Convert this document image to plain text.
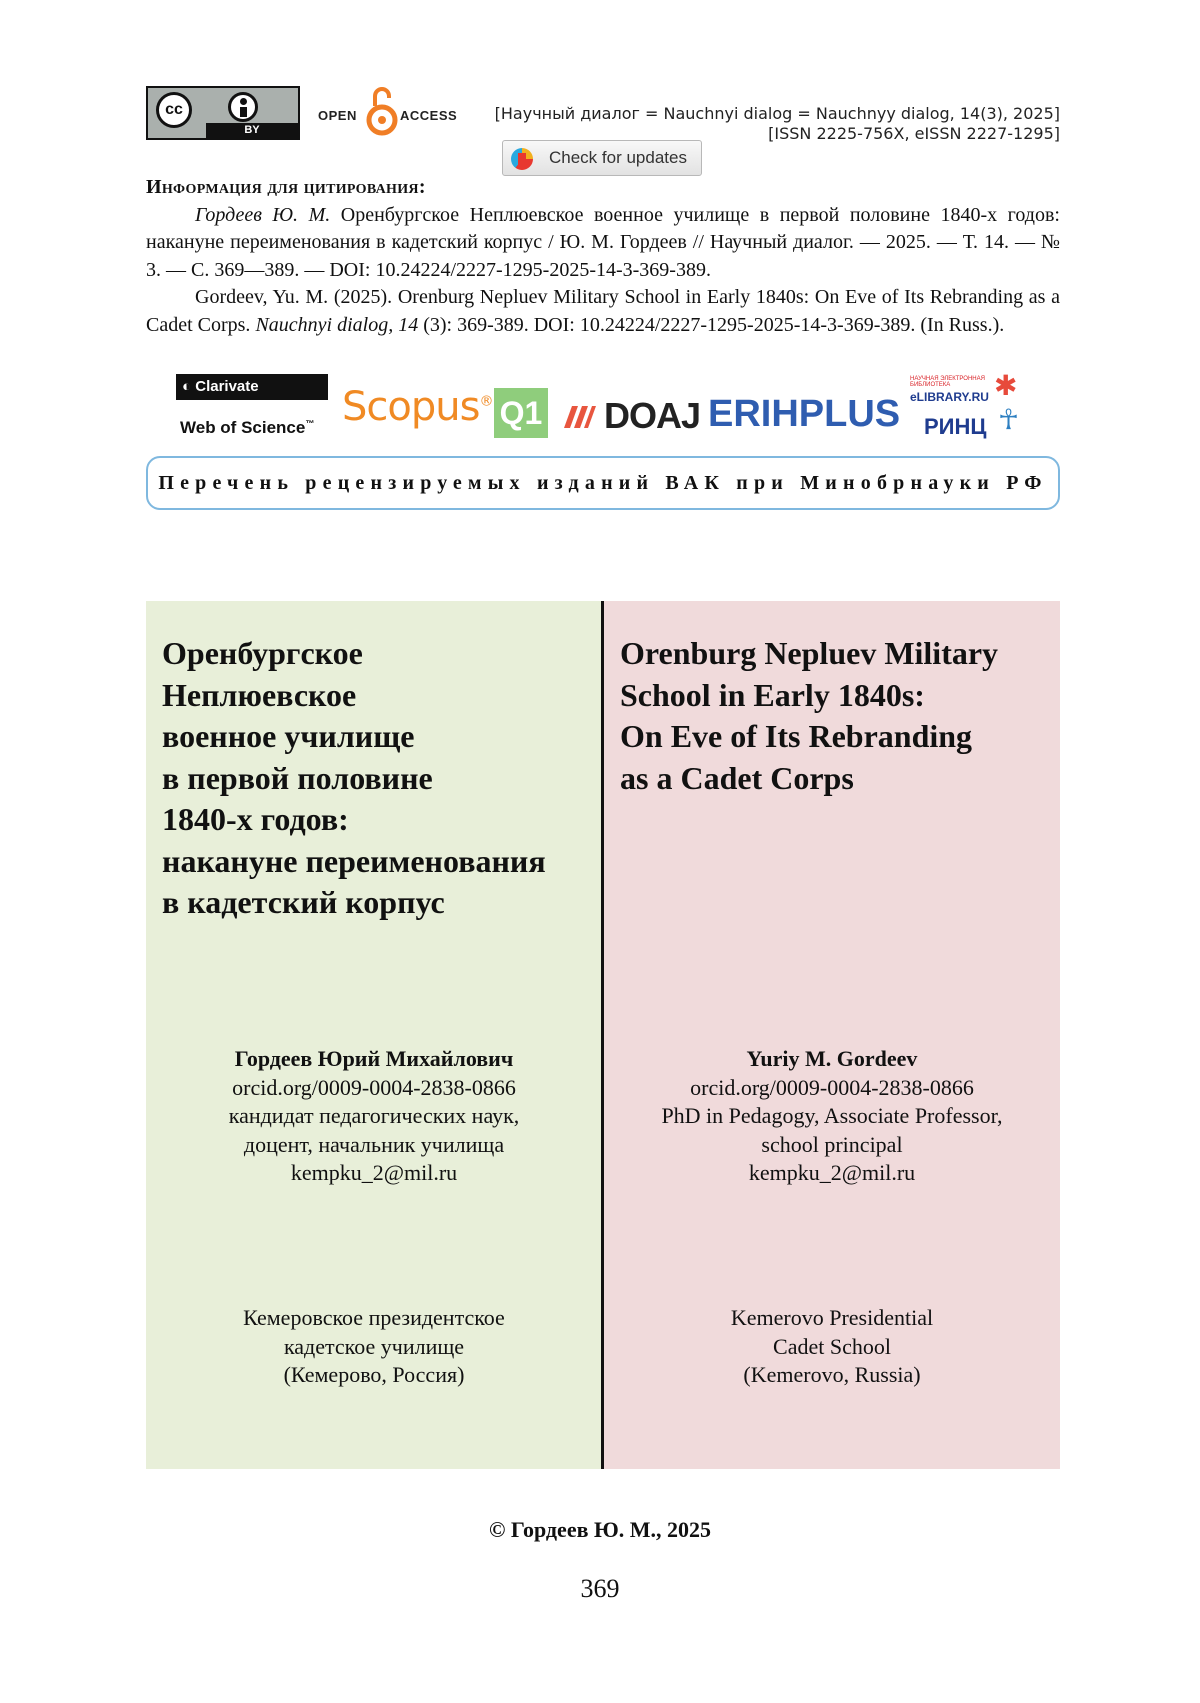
cc
BY
OPEN	ACCESS [Научный диалог = Nauchnyi dialog = Nauchnyy dialog, 14(3), 2025]
[ISSN 2225-756X, eISSN 2227-1295]
Check for updates
Информация для цитирования:

Гордеев Ю. М. Оренбургское Неплюевское военное училище в первой половине 1840-х годов: накануне переименования в кадетский корпус / Ю. М. Гордеев // Научный диалог. — 2025. — Т. 14. — № 3. — С. 369—389. — DOI: 10.24224/2227-1295-2025-14-3-369-389.

Gordeev, Yu. M. (2025). Orenburg Nepluev Military School in Early 1840s: On Eve of Its Rebranding as a Cadet Corps. Nauchnyi dialog, 14 (3): 369-389. DOI: 10.24224/2227-1295-2025-14-3-369-389. (In Russ.).

◐ Clarivate
Web of Science™ Scopus® Q1 DOAJ ERIHPLUS
НАУЧНАЯ ЭЛЕКТРОННАЯ БИБЛИОТЕКА
eLIBRARY.RU
РИНЦ
✱
☥
Перечень рецензируемых изданий ВАК при Минобрнауки РФ
Оренбургское
Неплюевское
военное училище
в первой половине
1840-х годов:
накануне переименования
в кадетский корпус
Гордеев Юрий Михайлович
orcid.org/0009-0004-2838-0866
кандидат педагогических наук,
доцент, начальник училища
kempku_2@mil.ru
Кемеровское президентское
кадетское училище
(Кемерово, Россия)
Orenburg Nepluev Military
School in Early 1840s:
On Eve of Its Rebranding
as a Cadet Corps
Yuriy M. Gordeev
orcid.org/0009-0004-2838-0866
PhD in Pedagogy, Associate Professor,
school principal
kempku_2@mil.ru
Kemerovo Presidential
Cadet School
(Kemerovo, Russia)
© Гордеев Ю. М., 2025
369
